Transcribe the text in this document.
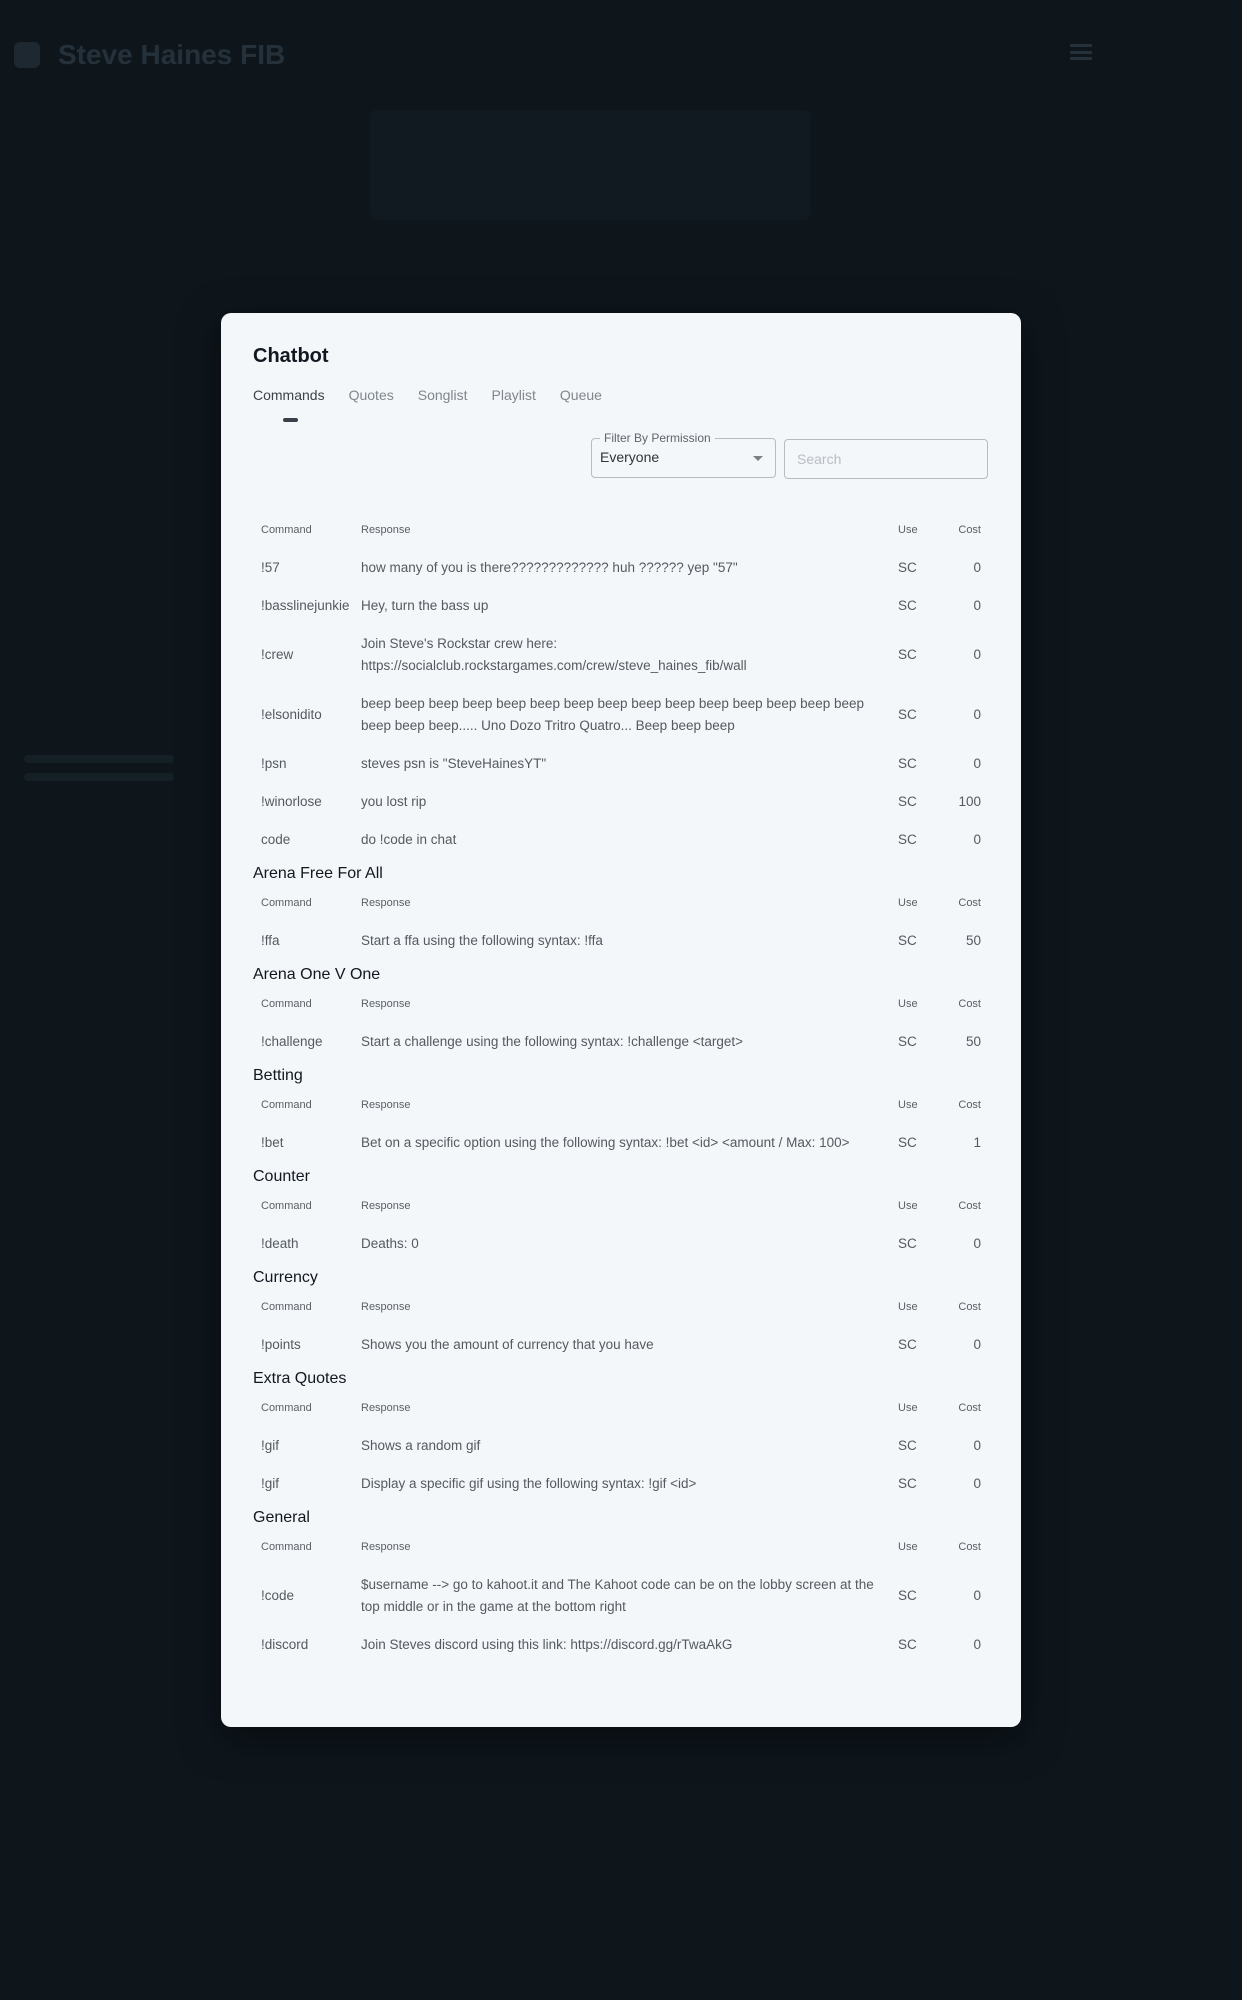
Steve Haines FIB
Chatbot
Commands Quotes Songlist Playlist Queue
Filter By Permission
Everyone
Search
Command	Response	Use	Cost
!57	how many of you is there????????????? huh ?????? yep "57"	SC	0
!basslinejunkie	Hey, turn the bass up	SC	0
!crew	Join Steve's Rockstar crew here: https://socialclub.rockstargames.com/crew/steve_haines_fib/wall	SC	0
!elsonidito	beep beep beep beep beep beep beep beep beep beep beep beep beep beep beep beep beep beep..... Uno Dozo Tritro Quatro... Beep beep beep	SC	0
!psn	steves psn is "SteveHainesYT"	SC	0
!winorlose	you lost rip	SC	100
code	do !code in chat	SC	0
Arena Free For All
Command	Response	Use	Cost
!ffa	Start a ffa using the following syntax: !ffa	SC	50
Arena One V One
Command	Response	Use	Cost
!challenge	Start a challenge using the following syntax: !challenge <target>	SC	50
Betting
Command	Response	Use	Cost
!bet	Bet on a specific option using the following syntax: !bet <id> <amount / Max: 100>	SC	1
Counter
Command	Response	Use	Cost
!death	Deaths: 0	SC	0
Currency
Command	Response	Use	Cost
!points	Shows you the amount of currency that you have	SC	0
Extra Quotes
Command	Response	Use	Cost
!gif	Shows a random gif	SC	0
!gif	Display a specific gif using the following syntax: !gif <id>	SC	0
General
Command	Response	Use	Cost
!code	$username --> go to kahoot.it and The Kahoot code can be on the lobby screen at the top middle or in the game at the bottom right	SC	0
!discord	Join Steves discord using this link: https://discord.gg/rTwaAkG	SC	0
